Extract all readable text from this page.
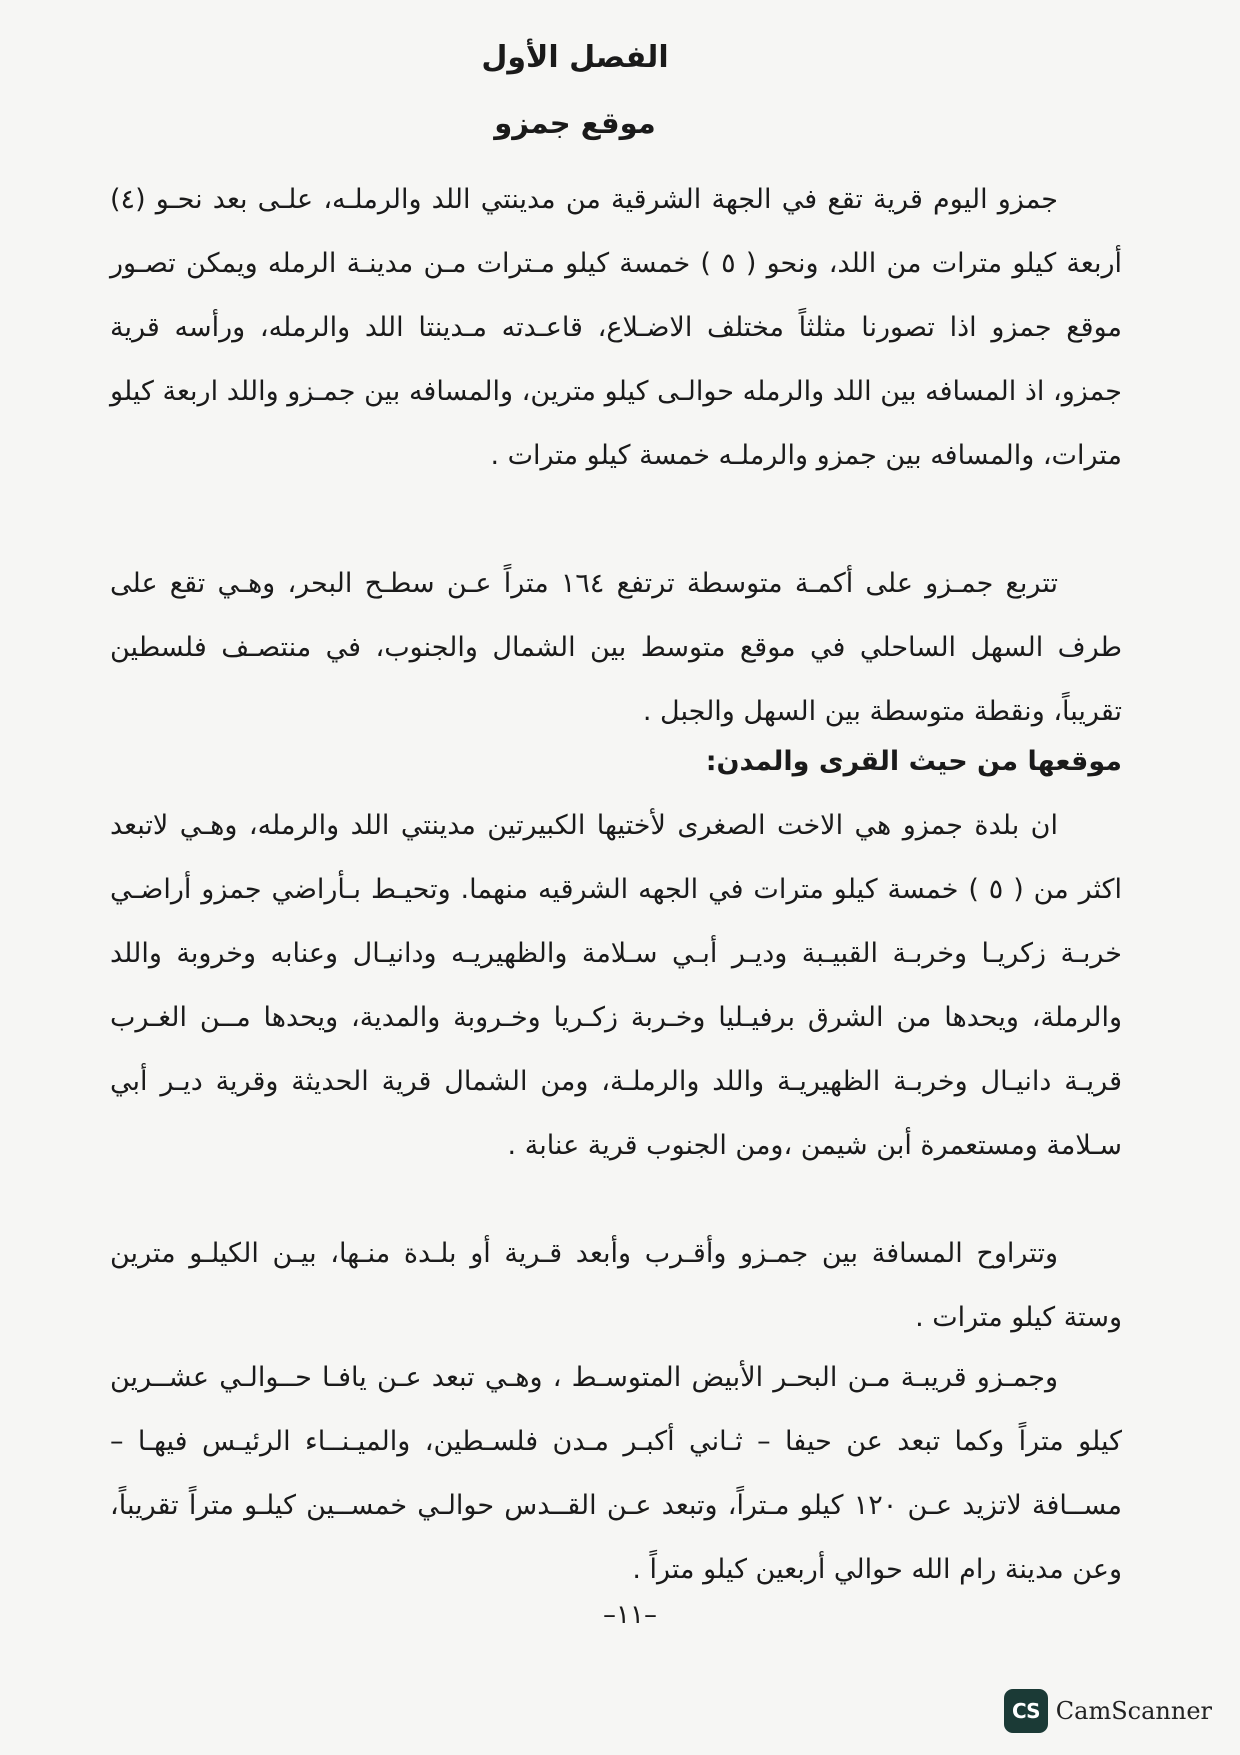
الفصل الأول
موقع جمزو

جمزو اليوم قرية تقع في الجهة الشرقية من مدينتي اللد والرملـه، علـى بعد نحـو (٤) أربعة كيلو مترات من اللد، ونحو ( ٥ ) خمسة كيلو مـترات مـن مدينـة الرمله ويمكن تصـور موقع جمزو اذا تصورنا مثلثاً مختلف الاضـلاع، قاعـدته مـدينتا اللد والرمله، ورأسه قرية جمزو، اذ المسافه بين اللد والرمله حوالـى كيلو مترين، والمسافه بين جمـزو واللد اربعة كيلو مترات، والمسافه بين جمزو والرملـه خمسة كيلو مترات .

تتربع جمـزو على أكمـة متوسطة ترتفع ١٦٤ متراً عـن سطـح البحر، وهـي تقع على طرف السهل الساحلي في موقع متوسط بين الشمال والجنوب، في منتصـف فلسطين تقريباً، ونقطة متوسطة بين السهل والجبل .

موقعها من حيث القرى والمدن:

ان بلدة جمزو هي الاخت الصغرى لأختيها الكبيرتين مدينتي اللد والرمله، وهـي لاتبعد اكثر من ( ٥ ) خمسة كيلو مترات في الجهه الشرقيه منهما. وتحيـط بـأراضي جمزو أراضـي خربـة زكريـا وخربـة القبيـبة وديـر أبـي سـلامة والظهيريـه ودانيـال وعنابه وخروبة واللد والرملة، ويحدها من الشرق برفيـليا وخـربة زكـريا وخـروبة والمدية، ويحدها مــن الغـرب قريـة دانيـال وخربـة الظهيريـة واللد والرملـة، ومن الشمال قرية الحديثة وقرية ديـر أبي سـلامة ومستعمرة أبن شيمن ،ومن الجنوب قرية عنابة .

وتتراوح المسافة بين جمـزو وأقـرب وأبعد قـرية أو بلـدة منـها، بيـن الكيلـو مترين وستة كيلو مترات .

وجمـزو قريبـة مـن البحـر الأبيض المتوسـط ، وهـي تبعد عـن يافـا حــوالـي عشــرين كيلو متراً وكما تبعد عن حيفا – ثـاني أكبـر مـدن فلسـطين، والميـنــاء الرئيـس فيهـا – مســافة لاتزيد عـن ١٢٠ كيلو مـتراً، وتبعد عـن القــدس حوالـي خمســين كيلـو متراً تقريباً، وعن مدينة رام الله حوالي أربعين كيلو متراً .

–١١–
CS CamScanner
